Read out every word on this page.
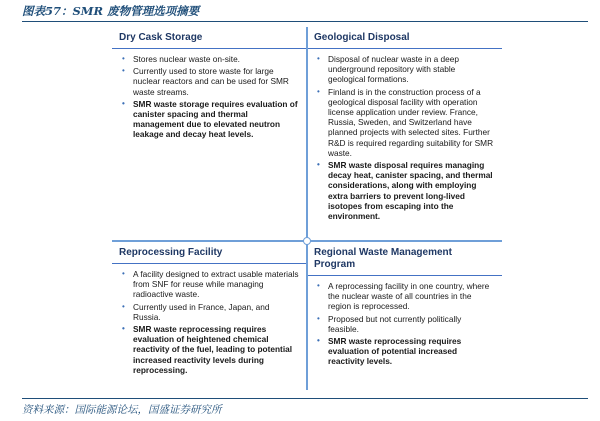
图表57：SMR 废物管理选项摘要
Dry Cask Storage
• Stores nuclear waste on-site.
• Currently used to store waste for large nuclear reactors and can be used for SMR waste streams.
• SMR waste storage requires evaluation of canister spacing and thermal management due to elevated neutron leakage and decay heat levels.
Geological Disposal
• Disposal of nuclear waste in a deep underground repository with stable geological formations.
• Finland is in the construction process of a geological disposal facility with operation license application under review. France, Russia, Sweden, and Switzerland have planned projects with selected sites. Further R&D is required regarding suitability for SMR waste.
• SMR waste disposal requires managing decay heat, canister spacing, and thermal considerations, along with employing extra barriers to prevent long-lived isotopes from escaping into the environment.
Reprocessing Facility
• A facility designed to extract usable materials from SNF for reuse while managing radioactive waste.
• Currently used in France, Japan, and Russia.
• SMR waste reprocessing requires evaluation of heightened chemical reactivity of the fuel, leading to potential increased reactivity levels during reprocessing.
Regional Waste Management Program
• A reprocessing facility in one country, where the nuclear waste of all countries in the region is reprocessed.
• Proposed but not currently politically feasible.
• SMR waste reprocessing requires evaluation of potential increased reactivity levels.
资料来源：国际能源论坛，国盛证券研究所
